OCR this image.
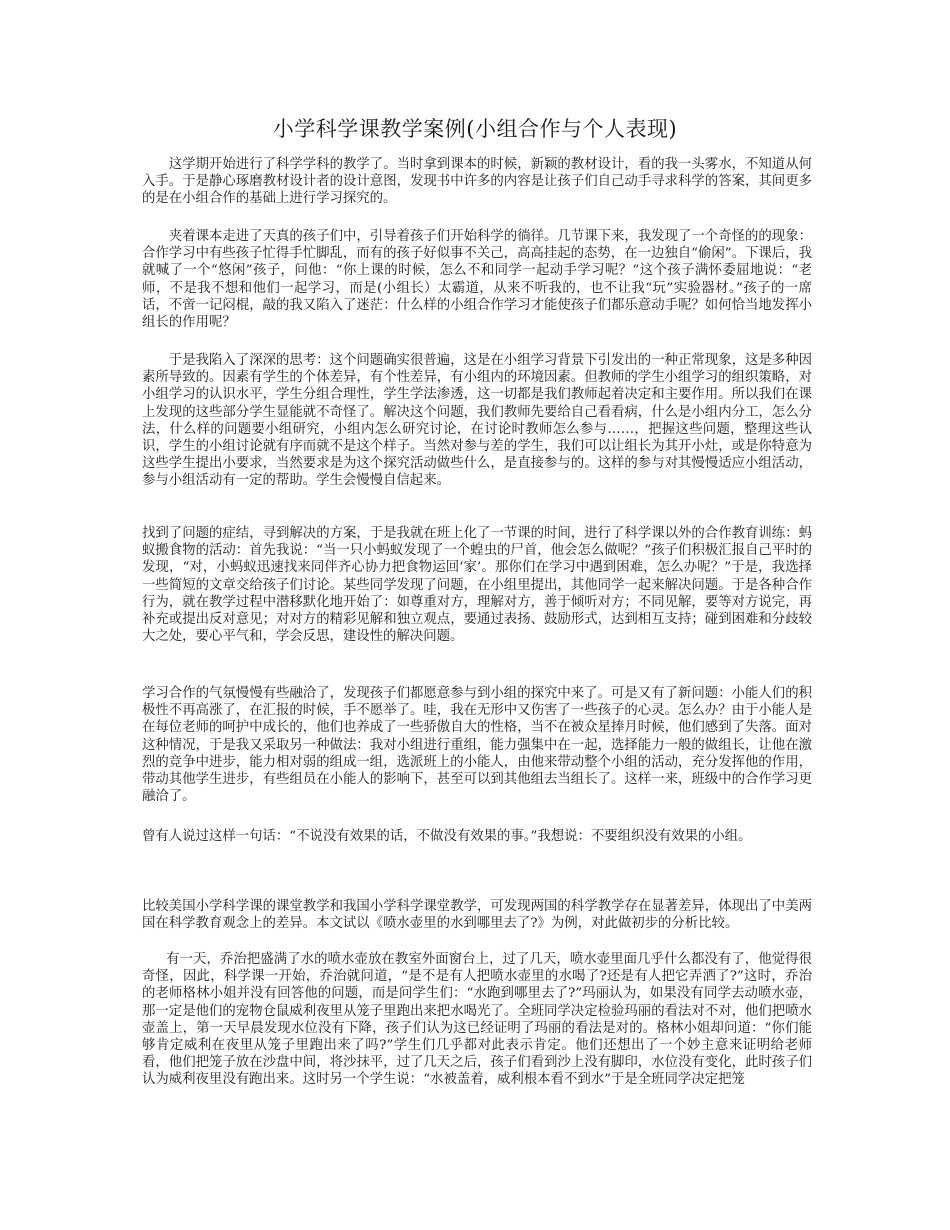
小学科学课教学案例(小组合作与个人表现)

这学期开始进行了科学学科的教学了。当时拿到课本的时候，新颖的教材设计，看的我一头雾水，不知道从何入手。于是静心琢磨教材设计者的设计意图，发现书中许多的内容是让孩子们自己动手寻求科学的答案，其间更多的是在小组合作的基础上进行学习探究的。

夹着课本走进了天真的孩子们中，引导着孩子们开始科学的徜徉。几节课下来，我发现了一个奇怪的的现象：合作学习中有些孩子忙得手忙脚乱，而有的孩子好似事不关己，高高挂起的态势，在一边独自“偷闲”。下课后，我就喊了一个“悠闲”孩子，问他：“你上课的时候，怎么不和同学一起动手学习呢？”这个孩子满怀委屈地说：“老师，不是我不想和他们一起学习，而是(小组长）太霸道，从来不听我的，也不让我“玩”实验器材。”孩子的一席话，不啻一记闷棍，敲的我又陷入了迷茫：什么样的小组合作学习才能使孩子们都乐意动手呢？如何恰当地发挥小组长的作用呢？

于是我陷入了深深的思考：这个问题确实很普遍，这是在小组学习背景下引发出的一种正常现象，这是多种因素所导致的。因素有学生的个体差异，有个性差异，有小组内的环境因素。但教师的学生小组学习的组织策略，对小组学习的认识水平，学生分组合理性，学生学法渗透，这一切都是我们教师起着决定和主要作用。所以我们在课上发现的这些部分学生显能就不奇怪了。解决这个问题，我们教师先要给自己看看病，什么是小组内分工，怎么分法，什么样的问题要小组研究，小组内怎么研究讨论，在讨论时教师怎么参与……，把握这些问题，整理这些认识，学生的小组讨论就有序而就不是这个样子。当然对参与差的学生，我们可以让组长为其开小灶，或是你特意为这些学生提出小要求，当然要求是为这个探究活动做些什么，是直接参与的。这样的参与对其慢慢适应小组活动，参与小组活动有一定的帮助。学生会慢慢自信起来。

找到了问题的症结，寻到解决的方案，于是我就在班上化了一节课的时间，进行了科学课以外的合作教育训练：蚂蚁搬食物的活动：首先我说：“当一只小蚂蚁发现了一个蝗虫的尸首，他会怎么做呢？”孩子们积极汇报自己平时的发现，“对，小蚂蚁迅速找来同伴齐心协力把食物运回‘家’。那你们在学习中遇到困难，怎么办呢？”于是，我选择一些简短的文章交给孩子们讨论。某些同学发现了问题，在小组里提出，其他同学一起来解决问题。于是各种合作行为，就在教学过程中潜移默化地开始了：如尊重对方，理解对方，善于倾听对方；不同见解，要等对方说完，再补充或提出反对意见；对对方的精彩见解和独立观点，要通过表扬、鼓励形式，达到相互支持；碰到困难和分歧较大之处，要心平气和，学会反思，建设性的解决问题。

学习合作的气氛慢慢有些融洽了，发现孩子们都愿意参与到小组的探究中来了。可是又有了新问题：小能人们的积极性不再高涨了，在汇报的时候，手不愿举了。哇，我在无形中又伤害了一些孩子的心灵。怎么办？由于小能人是在每位老师的呵护中成长的，他们也养成了一些骄傲自大的性格，当不在被众星捧月时候，他们感到了失落。面对这种情况，于是我又采取另一种做法：我对小组进行重组，能力强集中在一起，选择能力一般的做组长，让他在激烈的竞争中进步，能力相对弱的组成一组，选派班上的小能人，由他来带动整个小组的活动，充分发挥他的作用，带动其他学生进步，有些组员在小能人的影响下，甚至可以到其他组去当组长了。这样一来，班级中的合作学习更融洽了。

曾有人说过这样一句话：“不说没有效果的话，不做没有效果的事。”我想说：不要组织没有效果的小组。

比较美国小学科学课的课堂教学和我国小学科学课堂教学，可发现两国的科学教学存在显著差异，体现出了中美两国在科学教育观念上的差异。本文试以《喷水壶里的水到哪里去了?》为例，对此做初步的分析比较。

有一天，乔治把盛满了水的喷水壶放在教室外面窗台上，过了几天，喷水壶里面几乎什么都没有了，他觉得很奇怪，因此，科学课一开始，乔治就问道，“是不是有人把喷水壶里的水喝了?还是有人把它弄洒了?”这时，乔治的老师格林小姐并没有回答他的问题，而是问学生们：“水跑到哪里去了?”玛丽认为，如果没有同学去动喷水壶，那一定是他们的宠物仓鼠威利夜里从笼子里跑出来把水喝光了。全班同学决定检验玛丽的看法对不对，他们把喷水壶盖上，第一天早晨发现水位没有下降，孩子们认为这已经证明了玛丽的看法是对的。格林小姐却问道：“你们能够肯定威利在夜里从笼子里跑出来了吗?”学生们几乎都对此表示肯定。他们还想出了一个妙主意来证明给老师看，他们把笼子放在沙盘中间，将沙抹平，过了几天之后，孩子们看到沙上没有脚印，水位没有变化，此时孩子们认为威利夜里没有跑出来。这时另一个学生说：“水被盖着，威利根本看不到水”于是全班同学决定把笼
